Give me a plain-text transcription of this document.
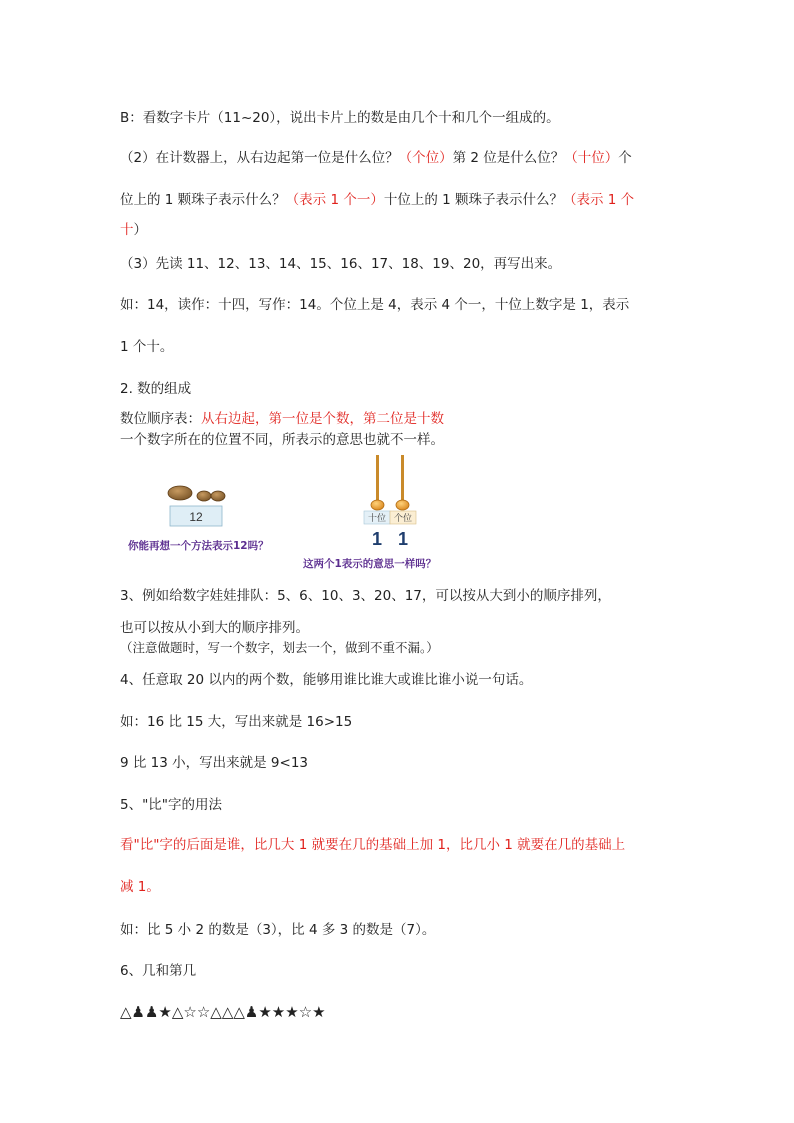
B：看数字卡片（11~20），说出卡片上的数是由几个十和几个一组成的。
（2）在计数器上，从右边起第一位是什么位？（个位）第 2 位是什么位？（十位）个
位上的 1 颗珠子表示什么？（表示 1 个一）十位上的 1 颗珠子表示什么？（表示 1 个
十）
（3）先读 11、12、13、14、15、16、17、18、19、20，再写出来。
如：14，读作：十四，写作：14。个位上是 4，表示 4 个一，十位上数字是 1，表示
1 个十。
2. 数的组成
数位顺序表：从右边起，第一位是个数，第二位是十数
一个数字所在的位置不同，所表示的意思也就不一样。
12
你能再想一个方法表示12吗？
十位 个位
1 1
这两个1表示的意思一样吗？
3、例如给数字娃娃排队：5、6、10、3、20、17，可以按从大到小的顺序排列，
也可以按从小到大的顺序排列。
（注意做题时，写一个数字，划去一个，做到不重不漏。）
4、任意取 20 以内的两个数，能够用谁比谁大或谁比谁小说一句话。
如：16 比 15 大，写出来就是 16>15
9 比 13 小，写出来就是 9<13
5、"比"字的用法
看"比"字的后面是谁，比几大 1 就要在几的基础上加 1，比几小 1 就要在几的基础上
减 1。
如：比 5 小 2 的数是（3），比 4 多 3 的数是（7）。
6、几和第几
△♟♟★△☆☆△△△♟★★★☆★
